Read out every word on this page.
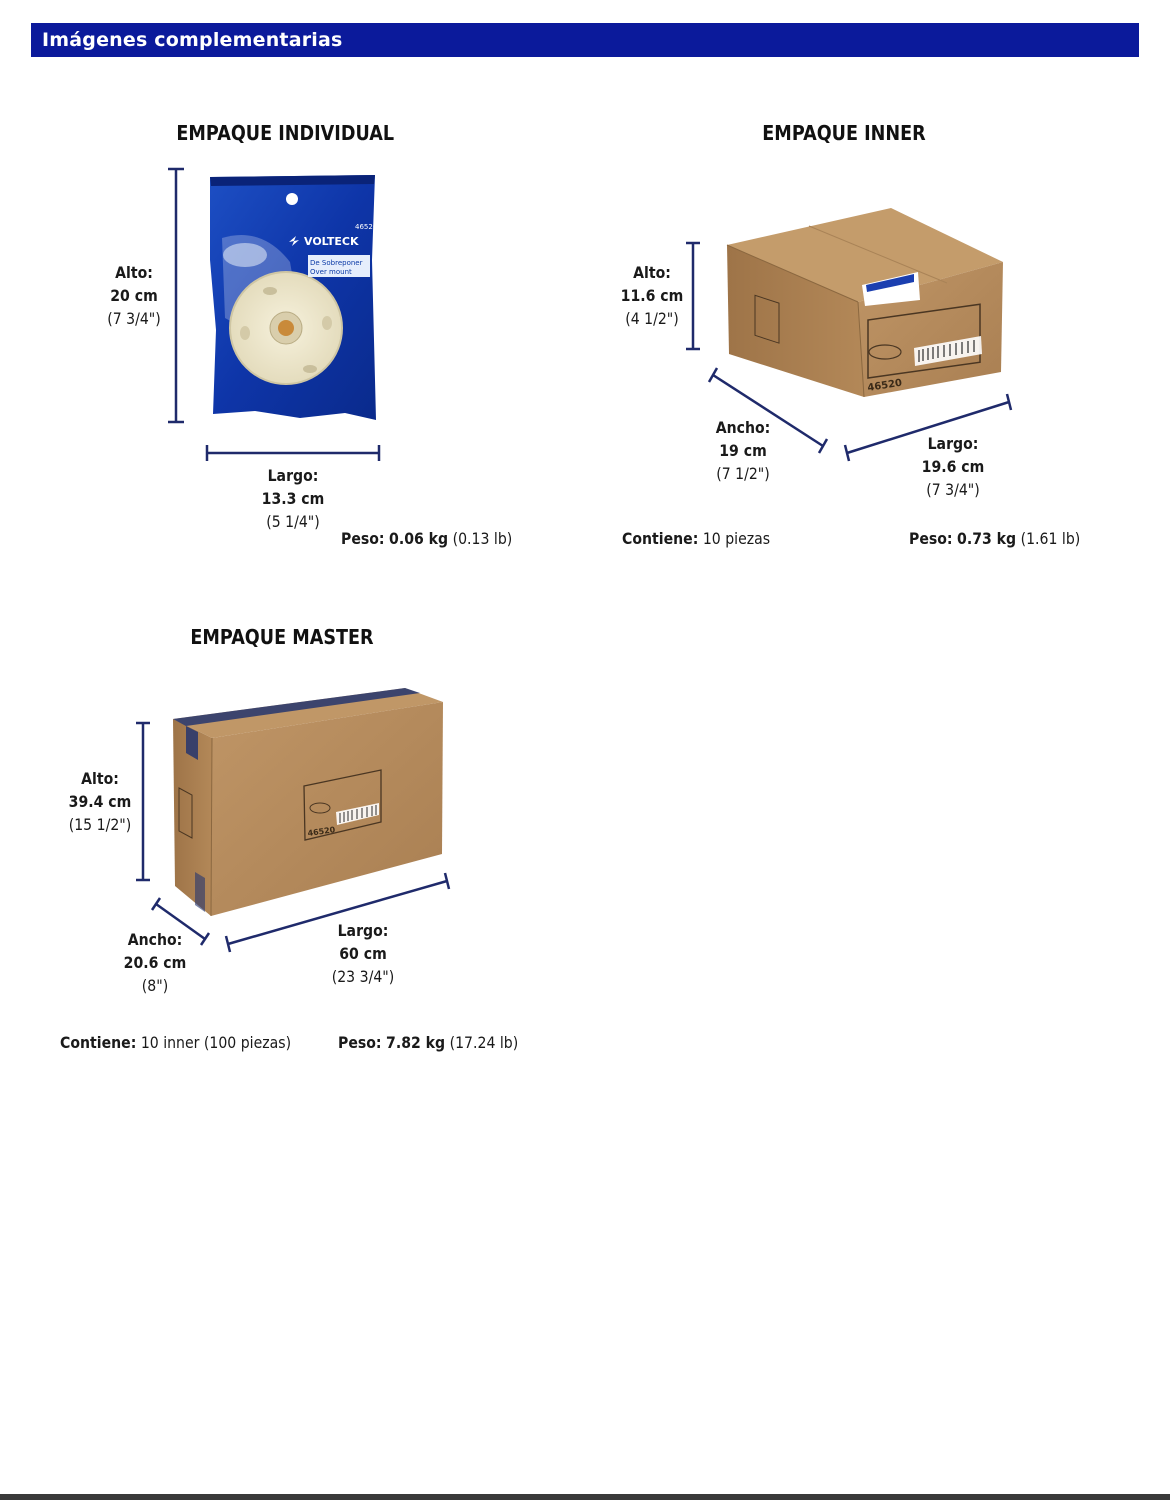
Imágenes complementarias
VOLTECK
46520
De Sobreponer
Over mount
46520
46520
EMPAQUE INDIVIDUAL
Alto:
20 cm
(7 3/4")
Largo:
13.3 cm
(5 1/4")
Peso: 0.06 kg (0.13 lb)
EMPAQUE INNER
Alto:
11.6 cm
(4 1/2")
Ancho:
19 cm
(7 1/2")
Largo:
19.6 cm
(7 3/4")
Contiene: 10 piezas	Peso: 0.73 kg (1.61 lb)
EMPAQUE MASTER
Alto:
39.4 cm
(15 1/2")
Ancho:
20.6 cm
(8")
Largo:
60 cm
(23 3/4")
Contiene: 10 inner (100 piezas)	Peso: 7.82 kg (17.24 lb)
